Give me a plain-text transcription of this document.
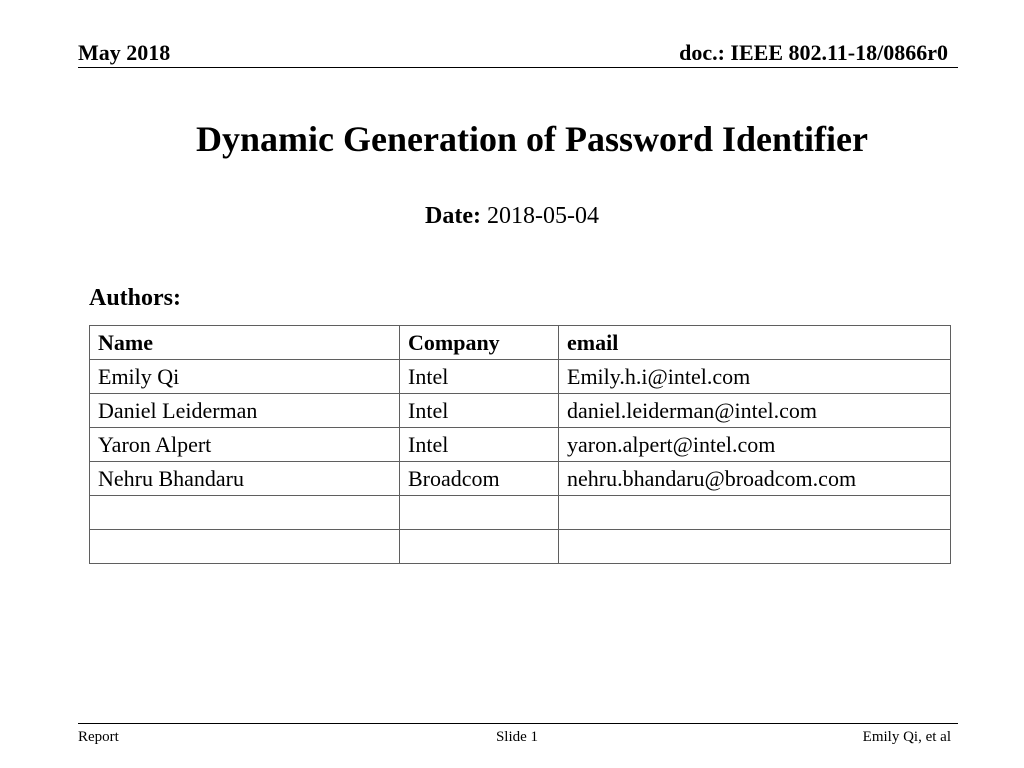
May 2018	doc.: IEEE 802.11-18/0866r0
Dynamic Generation of Password Identifier
Date: 2018-05-04
Authors:
Name	Company	email
Emily Qi	Intel	Emily.h.i@intel.com
Daniel Leiderman	Intel	daniel.leiderman@intel.com
Yaron Alpert	Intel	yaron.alpert@intel.com
Nehru Bhandaru	Broadcom	nehru.bhandaru@broadcom.com

Report	Slide 1	Emily Qi, et al
